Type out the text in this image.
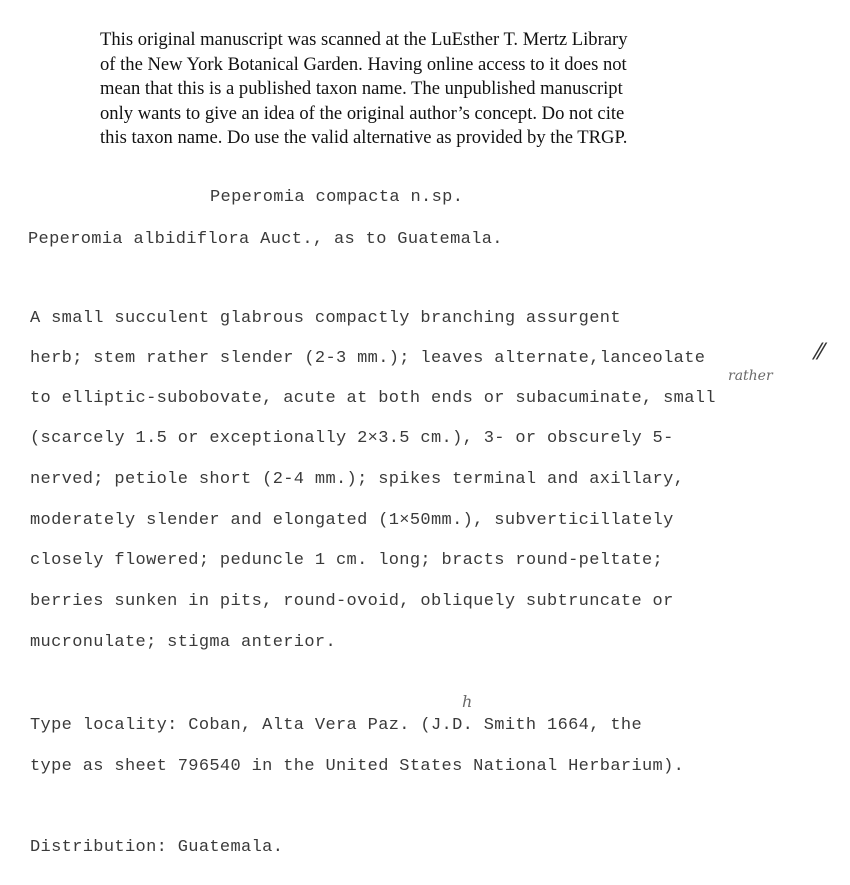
This original manuscript was scanned at the LuEsther T. Mertz Library
of the New York Botanical Garden. Having online access to it does not
mean that this is a published taxon name. The unpublished manuscript
only wants to give an idea of the original author’s concept. Do not cite
this taxon name. Do use the valid alternative as provided by the TRGP.
Peperomia compacta n.sp.
Peperomia albidiflora Auct., as to Guatemala.
A small succulent glabrous compactly branching assurgent
herb; stem rather slender (2-3 mm.); leaves alternate,lanceolate
to elliptic-subobovate, acute at both ends or subacuminate, small
(scarcely 1.5 or exceptionally 2×3.5 cm.), 3- or obscurely 5-
nerved; petiole short (2-4 mm.); spikes terminal and axillary,
moderately slender and elongated (1×50mm.), subverticillately
closely flowered; peduncle 1 cm. long; bracts round-peltate;
berries sunken in pits, round-ovoid, obliquely subtruncate or
mucronulate; stigma anterior.
Type locality: Coban, Alta Vera Paz. (J.D. Smith 1664, the
type as sheet 796540 in the United States National Herbarium).
Distribution: Guatemala.
rather
h
⁄⁄
